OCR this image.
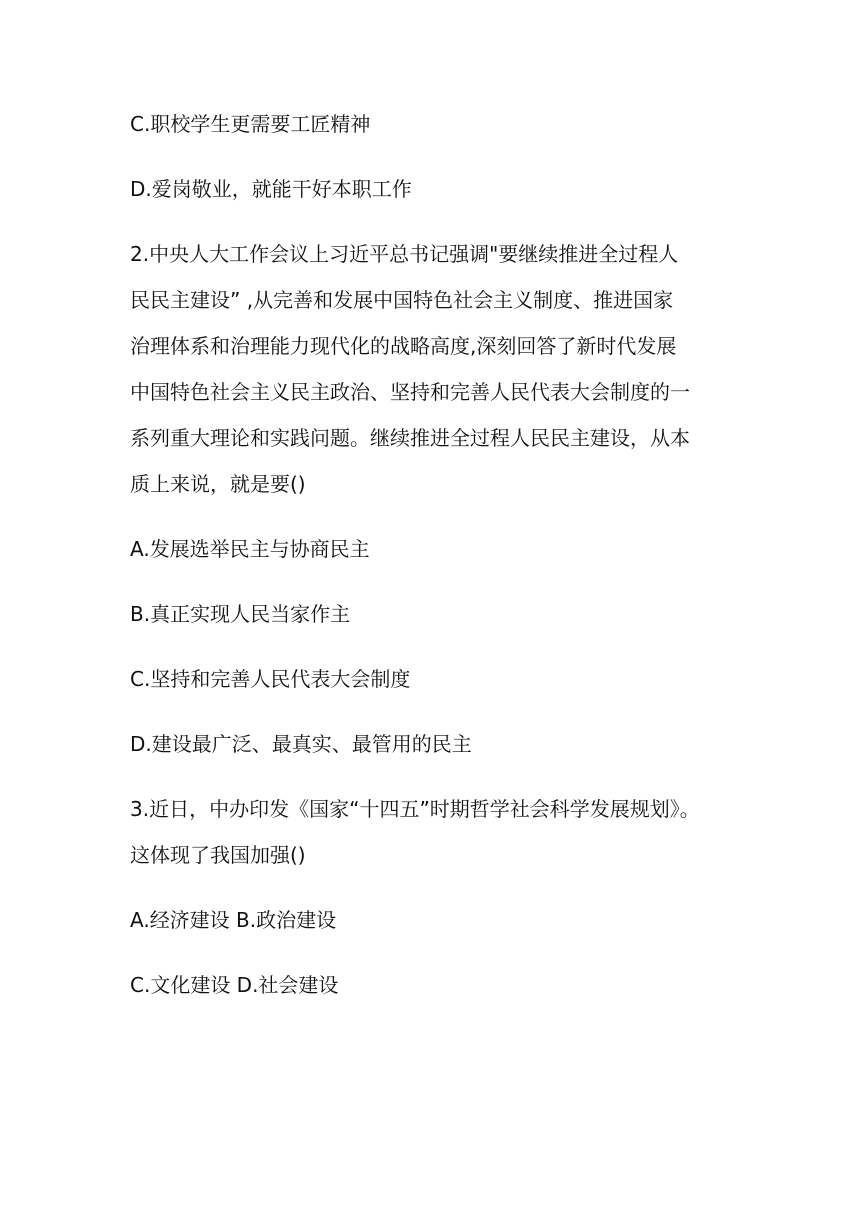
C.职校学生更需要工匠精神

D.爱岗敬业，就能干好本职工作

2.中央人大工作会议上习近平总书记强调"要继续推进全过程人

民民主建设” ,从完善和发展中国特色社会主义制度、推进国家

治理体系和治理能力现代化的战略高度,深刻回答了新时代发展

中国特色社会主义民主政治、坚持和完善人民代表大会制度的一

系列重大理论和实践问题。继续推进全过程人民民主建设，从本

质上来说，就是要()

A.发展选举民主与协商民主

B.真正实现人民当家作主

C.坚持和完善人民代表大会制度

D.建设最广泛、最真实、最管用的民主

3.近日，中办印发《国家“十四五”时期哲学社会科学发展规划》。

这体现了我国加强()

A.经济建设 B.政治建设

C.文化建设 D.社会建设
